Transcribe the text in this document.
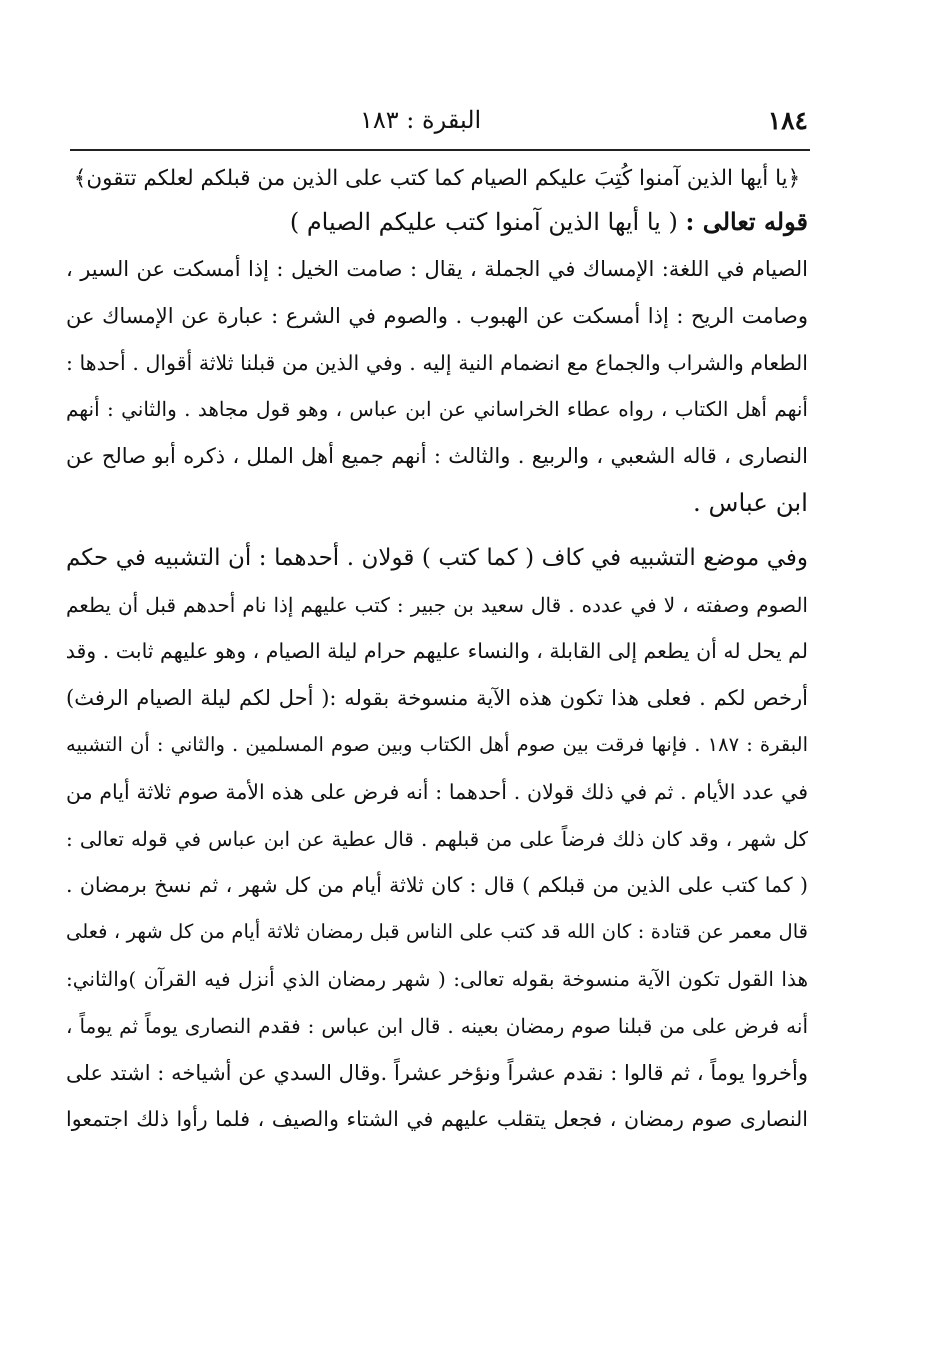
البقرة : ١٨٣	١٨٤

﴿يا أيها الذين آمنوا كُتِبَ عليكم الصيام كما كتب على الذين من قبلكم لعلكم تتقون﴾

قوله تعالى : ( يا أيها الذين آمنوا كتب عليكم الصيام )

الصيام في اللغة: الإمساك في الجملة ، يقال : صامت الخيل : إذا أمسكت عن السير ،
وصامت الريح : إذا أمسكت عن الهبوب . والصوم في الشرع : عبارة عن الإمساك عن
الطعام والشراب والجماع مع انضمام النية إليه . وفي الذين من قبلنا ثلاثة أقوال . أحدها :
أنهم أهل الكتاب ، رواه عطاء الخراساني عن ابن عباس ، وهو قول مجاهد . والثاني : أنهم
النصارى ، قاله الشعبي ، والربيع . والثالث : أنهم جميع أهل الملل ، ذكره أبو صالح عن
ابن عباس .
وفي موضع التشبيه في كاف ( كما كتب ) قولان . أحدهما : أن التشبيه في حكم
الصوم وصفته ، لا في عدده . قال سعيد بن جبير : كتب عليهم إذا نام أحدهم قبل أن يطعم
لم يحل له أن يطعم إلى القابلة ، والنساء عليهم حرام ليلة الصيام ، وهو عليهم ثابت . وقد
أرخص لكم . فعلى هذا تكون هذه الآية منسوخة بقوله :( أحل لكم ليلة الصيام الرفث)
البقرة : ١٨٧ . فإنها فرقت بين صوم أهل الكتاب وبين صوم المسلمين . والثاني : أن التشبيه
في عدد الأيام . ثم في ذلك قولان . أحدهما : أنه فرض على هذه الأمة صوم ثلاثة أيام من
كل شهر ، وقد كان ذلك فرضاً على من قبلهم . قال عطية عن ابن عباس في قوله تعالى :
( كما كتب على الذين من قبلكم ) قال : كان ثلاثة أيام من كل شهر ، ثم نسخ برمضان .
قال معمر عن قتادة : كان الله قد كتب على الناس قبل رمضان ثلاثة أيام من كل شهر ، فعلى
هذا القول تكون الآية منسوخة بقوله تعالى: ( شهر رمضان الذي أنزل فيه القرآن )والثاني:
أنه فرض على من قبلنا صوم رمضان بعينه . قال ابن عباس : فقدم النصارى يوماً ثم يوماً ،
وأخروا يوماً ، ثم قالوا : نقدم عشراً ونؤخر عشراً .وقال السدي عن أشياخه : اشتد على
النصارى صوم رمضان ، فجعل يتقلب عليهم في الشتاء والصيف ، فلما رأوا ذلك اجتمعوا
